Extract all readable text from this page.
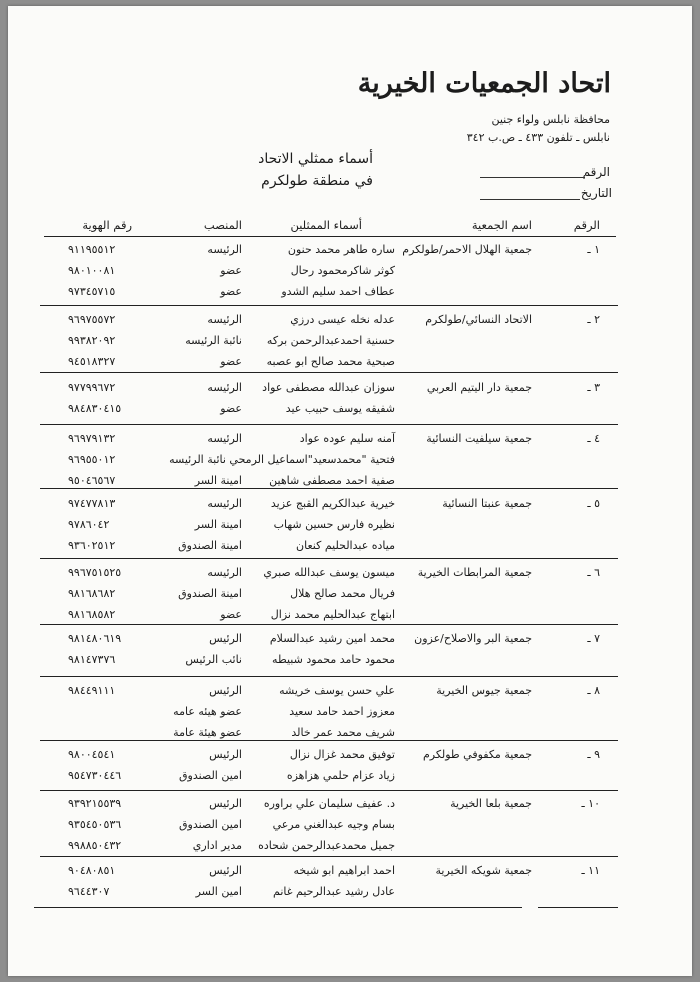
اتحاد الجمعيات الخيرية
محافظة نابلس ولواء جنين
نابلس ـ تلفون ٤٣٣ ـ ص.ب ٣٤٢
أسماء ممثلي الاتحاد
في منطقة طولكرم
الرقم
التاريخ
الرقم
اسم الجمعية
أسماء الممثلين
المنصب
رقم الهوية
١ ـ
جمعية الهلال الاحمر/طولكرم
ساره طاهر محمد حنون
الرئيسه
٩١١٩٥٥١٢
كوثر شاكرمحمود رحال
عضو
٩٨٠١٠٠٨١
عطاف احمد سليم الشدو
عضو
٩٧٣٤٥٧١٥
٢ ـ
الاتحاد النسائي/طولكرم
عدله نخله عيسى درزي
الرئيسه
٩٦٩٧٥٥٧٢
حسنية احمدعبدالرحمن بركه
نائبة الرئيسه
٩٩٣٨٢٠٩٢
صبحية محمد صالح ابو عصبه
عضو
٩٤٥١٨٣٢٧
٣ ـ
جمعية دار اليتيم العربي
سوزان عبدالله مصطفى عواد
الرئيسه
٩٧٧٩٩٦٧٢
شفيقه يوسف حبيب عيد
عضو
٩٨٤٨٣٠٤١٥
٤ ـ
جمعية سيلفيت النسائية
آمنه سليم عوده عواد
الرئيسه
٩٦٩٧٩١٣٢
فتحية "محمدسعيد"اسماعيل الرمحي نائبة الرئيسه
٩٦٩٥٥٠١٢
صفية احمد مصطفى شاهين
امينة السر
٩٥٠٤٦٥٦٧
٥ ـ
جمعية عنبتا النسائية
خيرية عبدالكريم القبج عزيد
الرئيسه
٩٧٤٧٧٨١٣
نظيره فارس حسين شهاب
امينة السر
٩٧٨٦٠٤٢
مياده عبدالحليم كنعان
امينة الصندوق
٩٣٦٠٢٥١٢
٦ ـ
جمعية المرابطات الخيرية
ميسون يوسف عبدالله صبري
الرئيسه
٩٩٦٧٥١٥٢٥
فريال محمد صالح هلال
امينة الصندوق
٩٨١٦٨٦٨٢
ابتهاج عبدالحليم محمد نزال
عضو
٩٨١٦٨٥٨٢
٧ ـ
جمعية البر والاصلاح/عزون
محمد امين رشيد عبدالسلام
الرئيس
٩٨١٤٨٠٦١٩
محمود حامد محمود شبيطه
نائب الرئيس
٩٨١٤٧٣٧٦
٨ ـ
جمعية جيوس الخيرية
علي حسن يوسف خريشه
الرئيس
٩٨٤٤٩١١١
معزوز احمد حامد سعيد
عضو هيئه عامه
شريف محمد عمر خالد
عضو هيئة عامة
٩ ـ
جمعية مكفوفي طولكرم
توفيق محمد غزال نزال
الرئيس
٩٨٠٠٤٥٤١
زياد عزام حلمي هزاهزه
امين الصندوق
٩٥٤٧٣٠٤٤٦
١٠ ـ
جمعية بلعا الخيرية
د. عفيف سليمان علي براوره
الرئيس
٩٣٩٢١٥٥٣٩
بسام وجيه عبدالغني مرعي
امين الصندوق
٩٣٥٤٥٠٥٣٦
جميل محمدعبدالرحمن شحاده
مدير اداري
٩٩٨٨٥٠٤٣٢
١١ ـ
جمعية شويكه الخيرية
احمد ابراهيم ابو شيخه
الرئيس
٩٠٤٨٠٨٥١
عادل رشيد عبدالرحيم غانم
امين السر
٩٦٤٤٣٠٧
